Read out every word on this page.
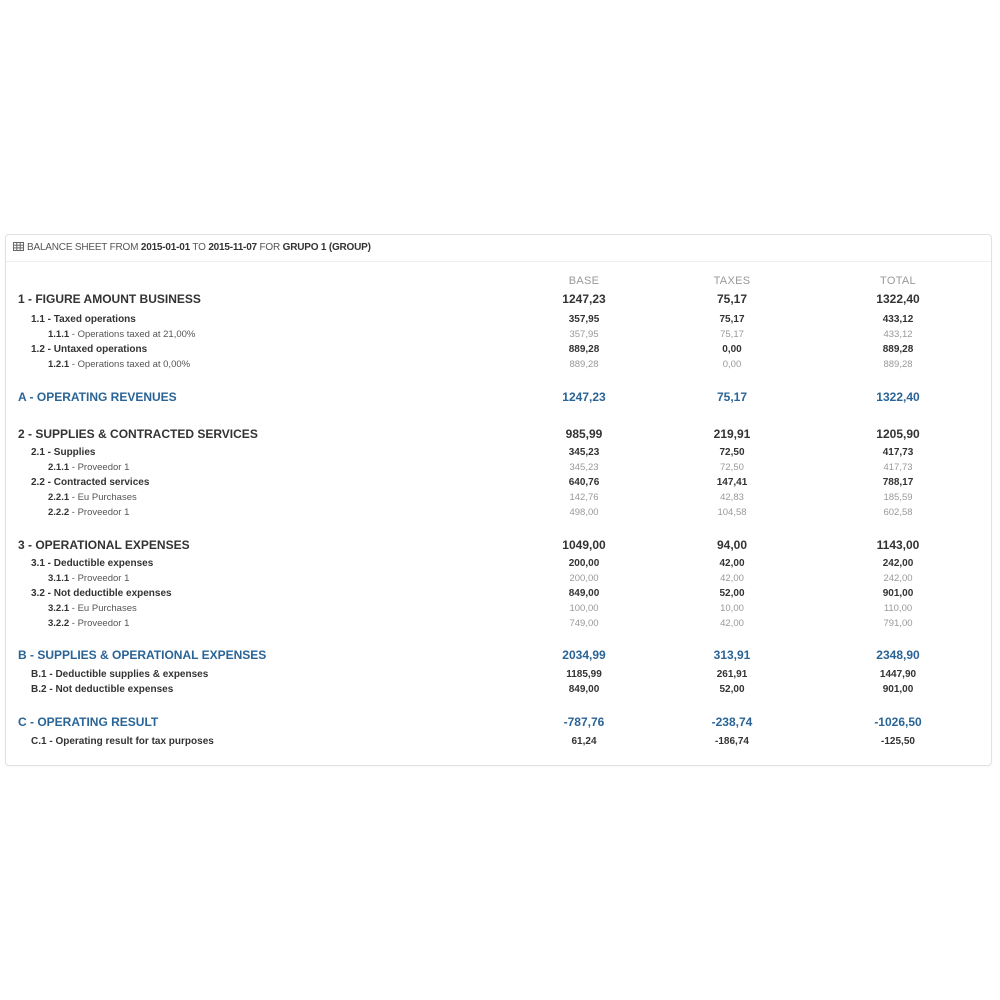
BALANCE SHEET FROM 2015-01-01 TO 2015-11-07 FOR GRUPO 1 (GROUP)
BASE	TAXES	TOTAL
1 - FIGURE AMOUNT BUSINESS	1247,23	75,17	1322,40
1.1 - Taxed operations	357,95	75,17	433,12
1.1.1 - Operations taxed at 21,00%	357,95	75,17	433,12
1.2 - Untaxed operations	889,28	0,00	889,28
1.2.1 - Operations taxed at 0,00%	889,28	0,00	889,28
A - OPERATING REVENUES	1247,23	75,17	1322,40
2 - SUPPLIES & CONTRACTED SERVICES	985,99	219,91	1205,90
2.1 - Supplies	345,23	72,50	417,73
2.1.1 - Proveedor 1	345,23	72,50	417,73
2.2 - Contracted services	640,76	147,41	788,17
2.2.1 - Eu Purchases	142,76	42,83	185,59
2.2.2 - Proveedor 1	498,00	104,58	602,58
3 - OPERATIONAL EXPENSES	1049,00	94,00	1143,00
3.1 - Deductible expenses	200,00	42,00	242,00
3.1.1 - Proveedor 1	200,00	42,00	242,00
3.2 - Not deductible expenses	849,00	52,00	901,00
3.2.1 - Eu Purchases	100,00	10,00	110,00
3.2.2 - Proveedor 1	749,00	42,00	791,00
B - SUPPLIES & OPERATIONAL EXPENSES	2034,99	313,91	2348,90
B.1 - Deductible supplies & expenses	1185,99	261,91	1447,90
B.2 - Not deductible expenses	849,00	52,00	901,00
C - OPERATING RESULT	-787,76	-238,74	-1026,50
C.1 - Operating result for tax purposes	61,24	-186,74	-125,50
